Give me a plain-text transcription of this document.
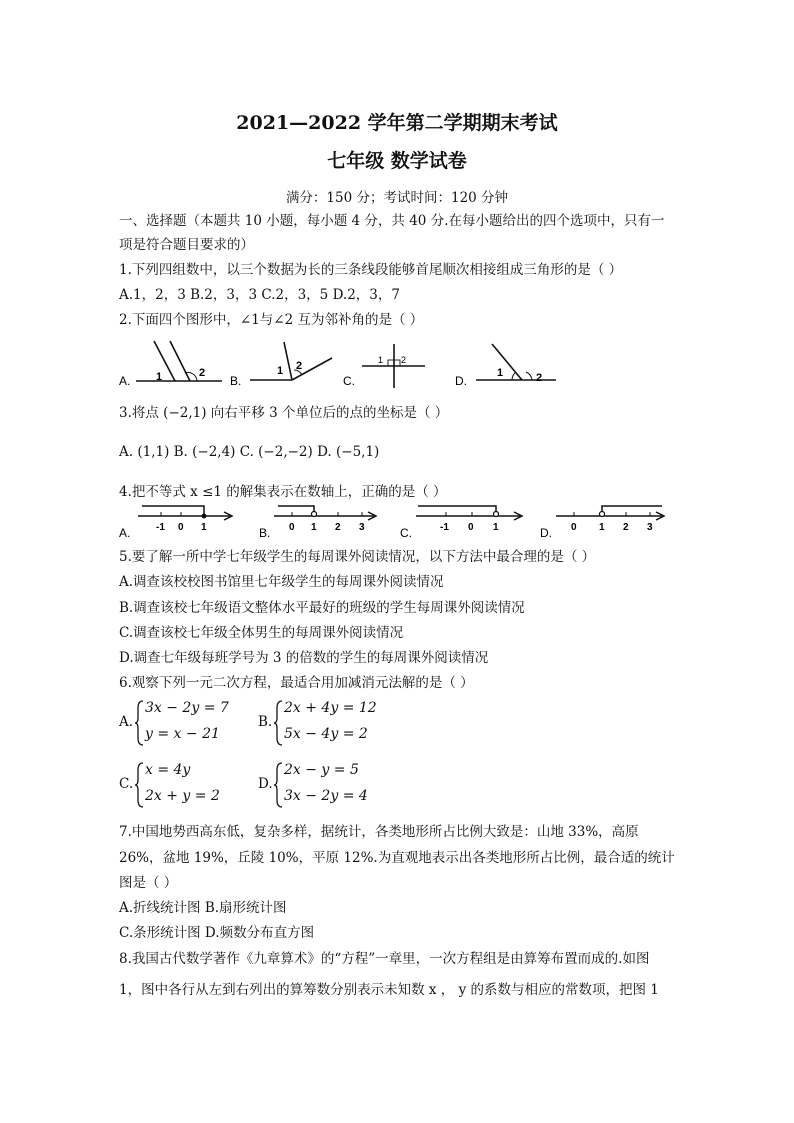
2021—2022 学年第二学期期末考试
七年级 数学试卷
满分：150 分；考试时间：120 分钟
一、选择题（本题共 10 小题，每小题 4 分，共 40 分.在每小题给出的四个选项中，只有一
项是符合题目要求的）
1.下列四组数中，以三个数据为长的三条线段能够首尾顺次相接组成三角形的是（ ）
A.1，2，3 B.2，3，3 C.2，3，5 D.2，3，7
2.下面四个图形中，∠1与∠2 互为邻补角的是（ ）
A. 1	2
B.
1 2
C.
1 2
D.
1	2
3.将点 (−2,1) 向右平移 3 个单位后的点的坐标是（ ）
A. (1,1) B. (−2,4) C. (−2,−2) D. (−5,1)
4.把不等式 x ≤1 的解集表示在数轴上，正确的是（ ）
A.	-1 0 1	B. 0 1 2 3	C.	-1 0 1	D. 0 1 2 3
5.要了解一所中学七年级学生的每周课外阅读情况，以下方法中最合理的是（ ）
A.调查该校校图书馆里七年级学生的每周课外阅读情况
B.调查该校七年级语文整体水平最好的班级的学生每周课外阅读情况
C.调查该校七年级全体男生的每周课外阅读情况
D.调查七年级每班学号为 3 的倍数的学生的每周课外阅读情况
6.观察下列一元二次方程，最适合用加减消元法解的是（ ）
A.
3x − 2y = 7
y = x − 21
B.
2x + 4y = 12
5x − 4y = 2
C.
x = 4y
2x + y = 2
D.
2x − y = 5
3x − 2y = 4
7.中国地势西高东低，复杂多样，据统计，各类地形所占比例大致是：山地 33%，高原
26%，盆地 19%，丘陵 10%，平原 12%.为直观地表示出各类地形所占比例，最合适的统计
图是（ ）
A.折线统计图 B.扇形统计图
C.条形统计图 D.频数分布直方图
8.我国古代数学著作《九章算术》的“方程”一章里，一次方程组是由算筹布置而成的.如图
1，图中各行从左到右列出的算筹数分别表示未知数 x ， y 的系数与相应的常数项，把图 1
